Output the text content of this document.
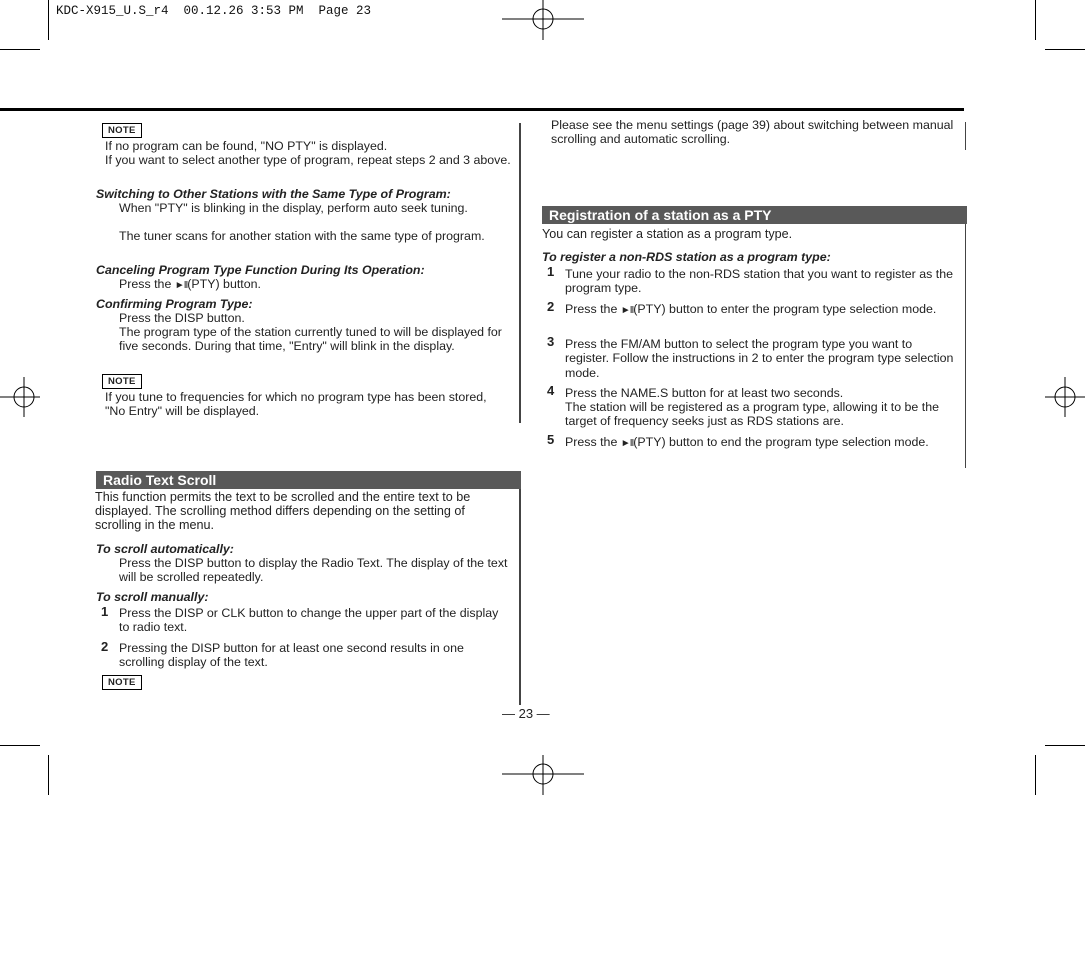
KDC-X915_U.S_r4  00.12.26 3:53 PM  Page 23
NOTE

If no program can be found, "NO PTY" is displayed.

If you want to select another type of program, repeat steps 2 and 3 above.

Switching to Other Stations with the Same Type of Program:

When "PTY" is blinking in the display, perform auto seek tuning.

The tuner scans for another station with the same type of program.

Canceling Program Type Function During Its Operation:

Press the ►II(PTY) button.

Confirming Program Type:

Press the DISP button.

The program type of the station currently tuned to will be displayed for five seconds. During that time, "Entry" will blink in the display.

NOTE

If you tune to frequencies for which no program type has been stored, "No Entry" will be displayed.

Radio Text Scroll

This function permits the text to be scrolled and the entire text to be displayed. The scrolling method differs depending on the setting of scrolling in the menu.

To scroll automatically:

Press the DISP button to display the Radio Text. The display of the text will be scrolled repeatedly.

To scroll manually:
1 Press the DISP or CLK button to change the upper part of the display to radio text.

2 Pressing the DISP button for at least one second results in one scrolling display of the text.

NOTE

Please see the menu settings (page 39) about switching between manual scrolling and automatic scrolling.

Registration of a station as a PTY

You can register a station as a program type.

To register a non-RDS station as a program type:
1 Tune your radio to the non-RDS station that you want to register as the program type.

2 Press the ►II(PTY) button to enter the program type selection mode.

3 Press the FM/AM button to select the program type you want to register. Follow the instructions in 2 to enter the program type selection mode.

4 Press the NAME.S button for at least two seconds.

The station will be registered as a program type, allowing it to be the target of frequency seeks just as RDS stations are.

5 Press the ►II(PTY) button to end the program type selection mode.

— 23 —
